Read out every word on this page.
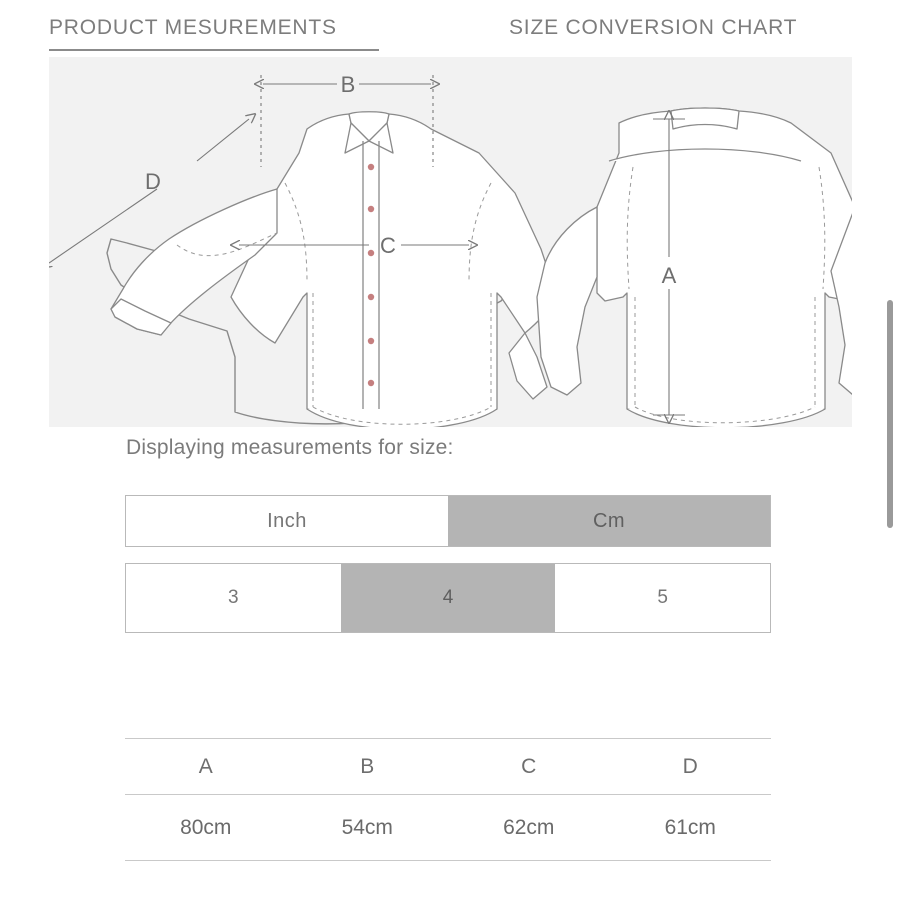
PRODUCT MESUREMENTS	SIZE CONVERSION CHART
B
C
D
A
Displaying measurements for size:
Inch	Cm
3	4	5
A	B	C	D
80cm	54cm	62cm	61cm
